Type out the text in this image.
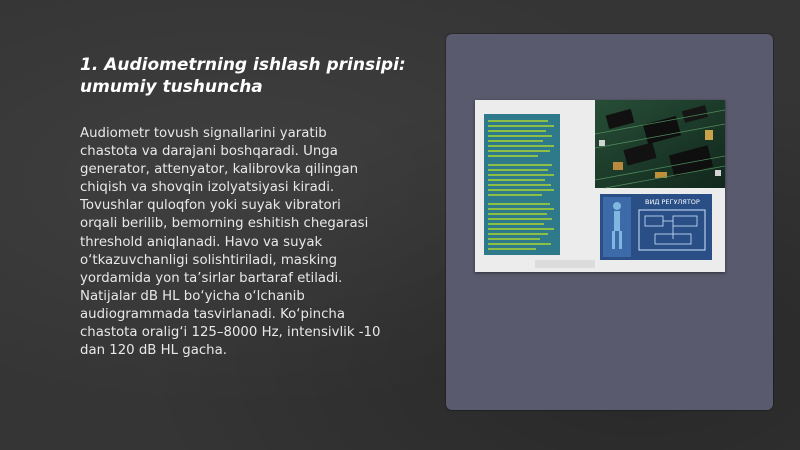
1. Audiometrning ishlash prinsipi:
umumiy tushuncha
Audiometr tovush signallarini yaratib
chastota va darajani boshqaradi. Unga
generator, attenyator, kalibrovka qilingan
chiqish va shovqin izolyatsiyasi kiradi.
Tovushlar quloqfon yoki suyak vibratori
orqali berilib, bemorning eshitish chegarasi
threshold aniqlanadi. Havo va suyak
o‘tkazuvchanligi solishtiriladi, masking
yordamida yon ta’sirlar bartaraf etiladi.
Natijalar dB HL bo‘yicha o‘lchanib
audiogrammada tasvirlanadi. Ko‘pincha
chastota oralig‘i 125–8000 Hz, intensivlik -10
dan 120 dB HL gacha.
ВИД РЕГУЛЯТОР
